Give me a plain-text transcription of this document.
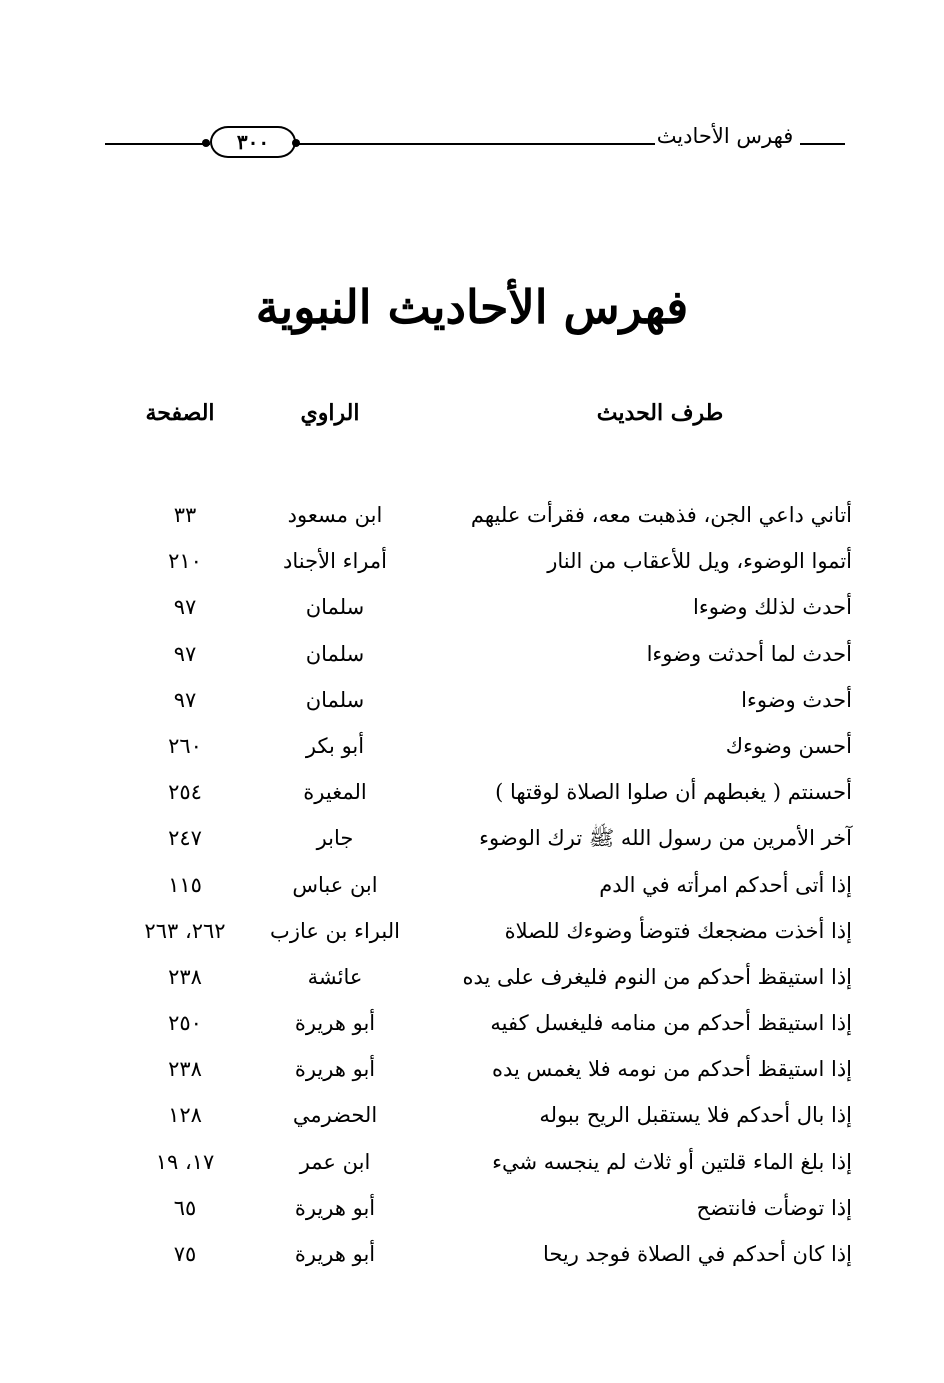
٣٠٠	فهرس الأحاديث
فهرس الأحاديث النبوية
طرف الحديث
الراوي
الصفحة
أتاني داعي الجن، فذهبت معه، فقرأت عليهم
ابن مسعود
٣٣
أتموا الوضوء، ويل للأعقاب من النار
أمراء الأجناد
٢١٠
أحدث لذلك وضوءا
سلمان
٩٧
أحدث لما أحدثت وضوءا
سلمان
٩٧
أحدث وضوءا
سلمان
٩٧
أحسن وضوءك
أبو بكر
٢٦٠
أحسنتم ( يغبطهم أن صلوا الصلاة لوقتها )
المغيرة
٢٥٤
آخر الأمرين من رسول الله ﷺ ترك الوضوء
جابر
٢٤٧
إذا أتى أحدكم امرأته في الدم
ابن عباس
١١٥
إذا أخذت مضجعك فتوضأ وضوءك للصلاة
البراء بن عازب
٢٦٢، ٢٦٣
إذا استيقظ أحدكم من النوم فليغرف على يده
عائشة
٢٣٨
إذا استيقظ أحدكم من منامه فليغسل كفيه
أبو هريرة
٢٥٠
إذا استيقظ أحدكم من نومه فلا يغمس يده
أبو هريرة
٢٣٨
إذا بال أحدكم فلا يستقبل الريح ببوله
الحضرمي
١٢٨
إذا بلغ الماء قلتين أو ثلاث لم ينجسه شيء
ابن عمر
١٧، ١٩
إذا توضأت فانتضح
أبو هريرة
٦٥
إذا كان أحدكم في الصلاة فوجد ريحا
أبو هريرة
٧٥
